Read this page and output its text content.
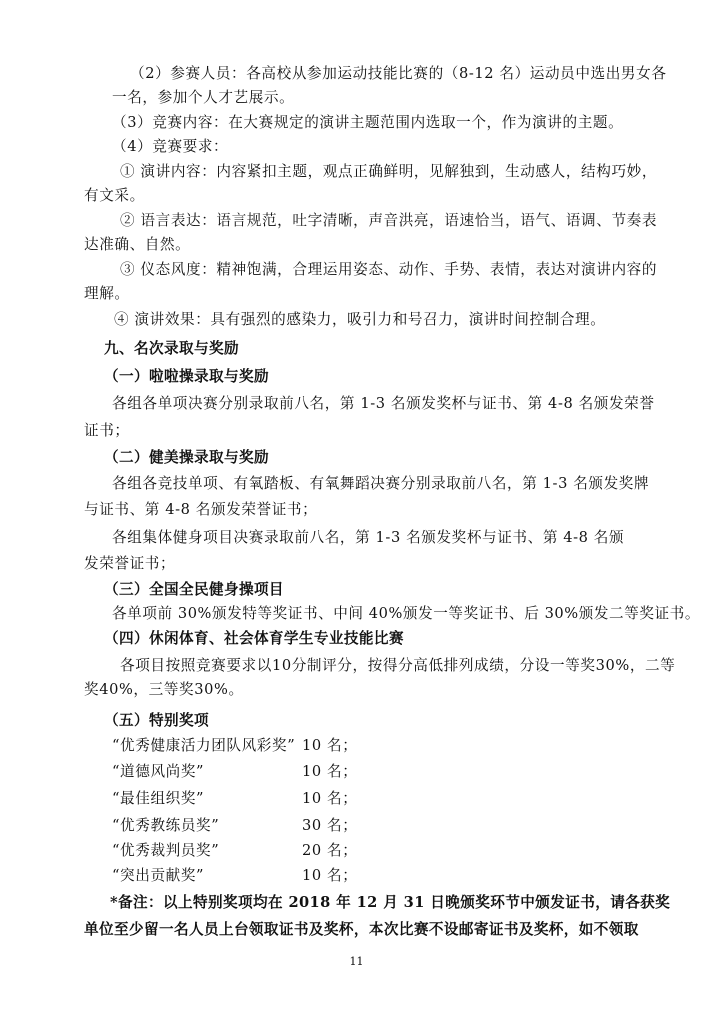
（2）参赛人员：各高校从参加运动技能比赛的（8-12 名）运动员中选出男女各
一名，参加个人才艺展示。
（3）竞赛内容：在大赛规定的演讲主题范围内选取一个，作为演讲的主题。
（4）竞赛要求：
① 演讲内容：内容紧扣主题，观点正确鲜明，见解独到，生动感人，结构巧妙，
有文采。
② 语言表达：语言规范，吐字清晰，声音洪亮，语速恰当，语气、语调、节奏表
达准确、自然。
③ 仪态风度：精神饱满，合理运用姿态、动作、手势、表情，表达对演讲内容的
理解。
④ 演讲效果：具有强烈的感染力，吸引力和号召力，演讲时间控制合理。
九、名次录取与奖励
（一）啦啦操录取与奖励
各组各单项决赛分别录取前八名，第 1-3 名颁发奖杯与证书、第 4-8 名颁发荣誉
证书；
（二）健美操录取与奖励
各组各竞技单项、有氧踏板、有氧舞蹈决赛分别录取前八名，第 1-3 名颁发奖牌
与证书、第 4-8 名颁发荣誉证书；
各组集体健身项目决赛录取前八名，第 1-3 名颁发奖杯与证书、第 4-8 名颁
发荣誉证书；
（三）全国全民健身操项目
各单项前 30%颁发特等奖证书、中间 40%颁发一等奖证书、后 30%颁发二等奖证书。
（四）休闲体育、社会体育学生专业技能比赛
各项目按照竞赛要求以10分制评分，按得分高低排列成绩，分设一等奖30%，二等
奖40%，三等奖30%。
（五）特别奖项
“优秀健康活力团队风彩奖” 10 名；
“道德风尚奖”	10 名；
“最佳组织奖”	10 名；
“优秀教练员奖”	30 名；
“优秀裁判员奖”	20 名；
“突出贡献奖”	10 名；
*备注：以上特别奖项均在 2018 年 12 月 31 日晚颁奖环节中颁发证书，请各获奖
单位至少留一名人员上台领取证书及奖杯，本次比赛不设邮寄证书及奖杯，如不领取
11
